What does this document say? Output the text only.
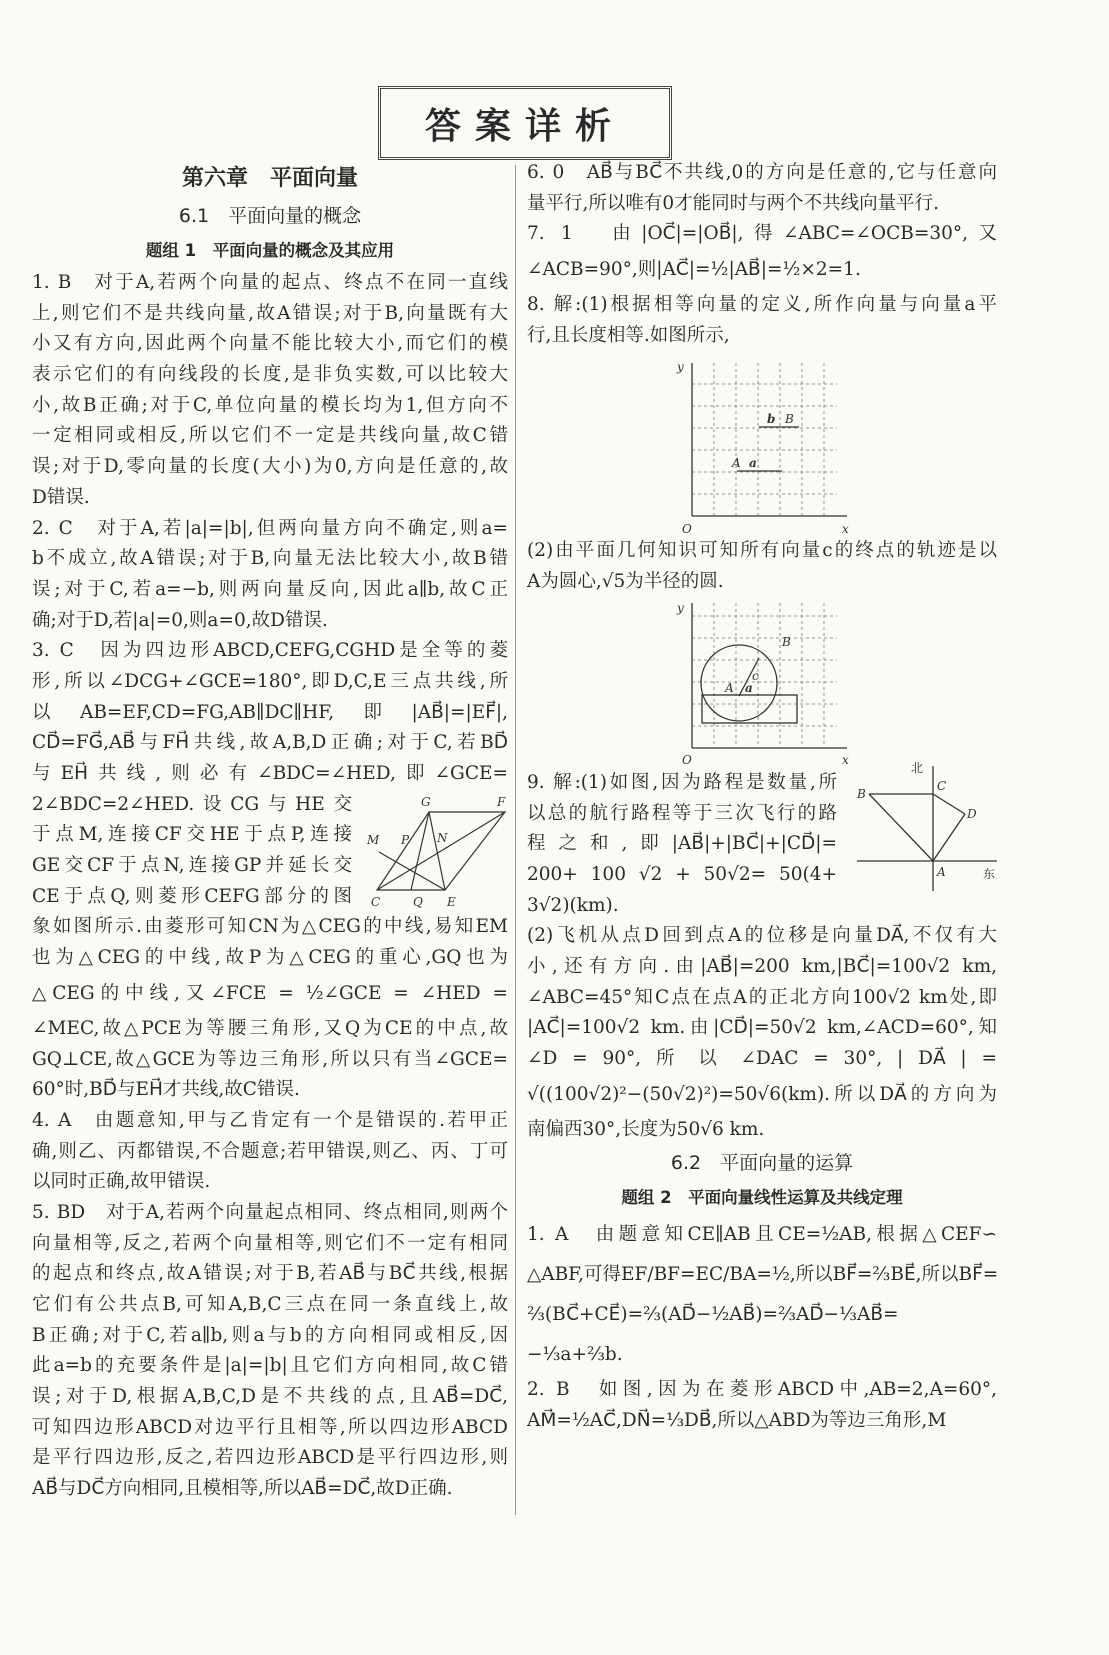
答案详析
第六章　平面向量
6.1　平面向量的概念
题组 1　平面向量的概念及其应用
1. B　对于A,若两个向量的起点、终点不在同一直线
上,则它们不是共线向量,故A错误;对于B,向量既有大
小又有方向,因此两个向量不能比较大小,而它们的模
表示它们的有向线段的长度,是非负实数,可以比较大
小,故B正确;对于C,单位向量的模长均为1,但方向不
一定相同或相反,所以它们不一定是共线向量,故C错
误;对于D,零向量的长度(大小)为0,方向是任意的,故
D错误.
2. C　对于A,若|a|=|b|,但两向量方向不确定,则a=
b不成立,故A错误;对于B,向量无法比较大小,故B错
误;对于C,若a=−b,则两向量反向,因此a∥b,故C正
确;对于D,若|a|=0,则a=0,故D错误.
3. C　因为四边形ABCD,CEFG,CGHD是全等的菱
形,所以∠DCG+∠GCE=180°,即D,C,E三点共线,所
以AB=EF,CD=FG,AB∥DC∥HF,即|AB⃗|=|EF⃗|,
CD⃗=FG⃗,AB⃗与FH⃗共线,故A,B,D正确;对于C,若BD⃗
与EH⃗共线,则必有∠BDC=∠HED,即∠GCE=
2∠BDC=2∠HED.设CG与HE交
于点M,连接CF交HE于点P,连接
GE交CF于点N,连接GP并延长交
CE于点Q,则菱形CEFG部分的图
象如图所示.由菱形可知CN为△CEG的中线,易知EM
也为△CEG的中线,故P为△CEG的重心,GQ也为
△CEG的中线,又∠FCE = ½∠GCE = ∠HED =
∠MEC,故△PCE为等腰三角形,又Q为CE的中点,故
GQ⊥CE,故△GCE为等边三角形,所以只有当∠GCE=
60°时,BD⃗与EH⃗才共线,故C错误.
4. A　由题意知,甲与乙肯定有一个是错误的.若甲正
确,则乙、丙都错误,不合题意;若甲错误,则乙、丙、丁可
以同时正确,故甲错误.
5. BD　对于A,若两个向量起点相同、终点相同,则两个
向量相等,反之,若两个向量相等,则它们不一定有相同
的起点和终点,故A错误;对于B,若AB⃗与BC⃗共线,根据
它们有公共点B,可知A,B,C三点在同一条直线上,故
B正确;对于C,若a∥b,则a与b的方向相同或相反,因
此a=b的充要条件是|a|=|b|且它们方向相同,故C错
误;对于D,根据A,B,C,D是不共线的点,且AB⃗=DC⃗,
可知四边形ABCD对边平行且相等,所以四边形ABCD
是平行四边形,反之,若四边形ABCD是平行四边形,则
AB⃗与DC⃗方向相同,且模相等,所以AB⃗=DC⃗,故D正确.
G	F
M P N
C	Q E
6. 0　AB⃗与BC⃗不共线,0的方向是任意的,它与任意向
量平行,所以唯有0才能同时与两个不共线向量平行.
7. 1　由|OC⃗|=|OB⃗|,得∠ABC=∠OCB=30°,又
∠ACB=90°,则|AC⃗|=½|AB⃗|=½×2=1.
8. 解:(1)根据相等向量的定义,所作向量与向量a平
行,且长度相等.如图所示,
y
O	x
b B
A a
(2)由平面几何知识可知所有向量c的终点的轨迹是以
A为圆心,√5为半径的圆.
y
O	x
B
c
A a
9. 解:(1)如图,因为路程是数量,所
以总的航行路程等于三次飞行的路
程之和,即|AB⃗|+|BC⃗|+|CD⃗|=
200+ 100 √2 + 50√2= 50(4+
3√2)(km).
北
B
C
D
A	东
(2)飞机从点D回到点A的位移是向量DA⃗,不仅有大
小,还有方向.由|AB⃗|=200 km,|BC⃗|=100√2 km,
∠ABC=45°知C点在点A的正北方向100√2 km处,即
|AC⃗|=100√2 km.由|CD⃗|=50√2 km,∠ACD=60°,知
∠D = 90°, 所 以 ∠DAC = 30°, | DA⃗ | =
√((100√2)²−(50√2)²)=50√6(km).所以DA⃗的方向为
南偏西30°,长度为50√6 km.
6.2　平面向量的运算
题组 2　平面向量线性运算及共线定理
1. A　由题意知CE∥AB且CE=½AB,根据△CEF∽
△ABF,可得EF/BF=EC/BA=½,所以BF⃗=⅔BE⃗,所以BF⃗=
⅔(BC⃗+CE⃗)=⅔(AD⃗−½AB⃗)=⅔AD⃗−⅓AB⃗=
−⅓a+⅔b.
2. B　如图,因为在菱形ABCD中,AB=2,A=60°,
AM⃗=½AC⃗,DN⃗=⅓DB⃗,所以△ABD为等边三角形,M
